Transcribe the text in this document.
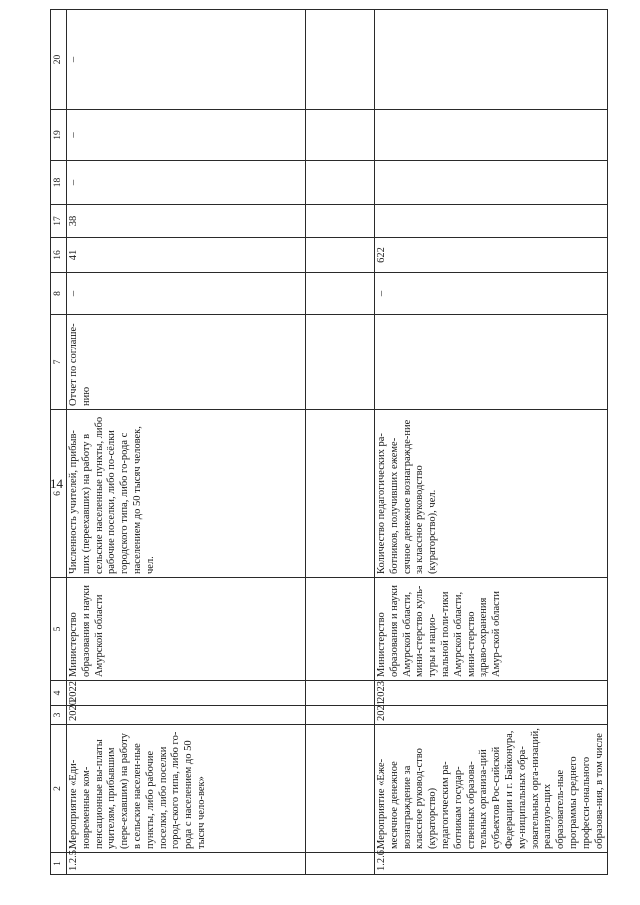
14
1	2	3	4	5	6	7	8	16	17	18	19	20
1.2.5.	Мероприятие «Еди-новременные ком-пенсационные вы-платы учителям, прибывшим (пере-ехавшим) на работу в сельские населен-ные пункты, либо рабочие поселки, либо поселки город-ского типа, либо го-рода с населением до 50 тысяч чело-век»	2020	2022	Министерство образования и науки Амурской области	Численность учителей, прибыв-ших (переехавших) на работу в сельские населенные пункты, либо рабочие поселки, либо по-сёлки городского типа, либо го-рода с населением до 50 тысяч человек, чел.	Отчет по соглаше-нию	–	41	38	–	–	–

1.2.6.	Мероприятие «Еже-месячное денежное вознаграждение за классное руковод-ство (кураторство) педагогическим ра-ботникам государ-ственных образова-тельных организа-ций субъектов Рос-сийской Федерации и г. Байконура, му-ниципальных обра-зовательных орга-низаций, реализую-щих образователь-ные программы среднего професси-онального образова-ния, в том числе	2021	2023	Министерство образования и науки Амурской области, мини-стерство куль-туры и нацио-нальной поли-тики Амурской области, мини-стерство здраво-охранения Амур-ской области	Количество педагогических ра-ботников, получивших ежеме-сячное денежное вознагражде-ние за классное руководство (кураторство), чел.		–	622				
